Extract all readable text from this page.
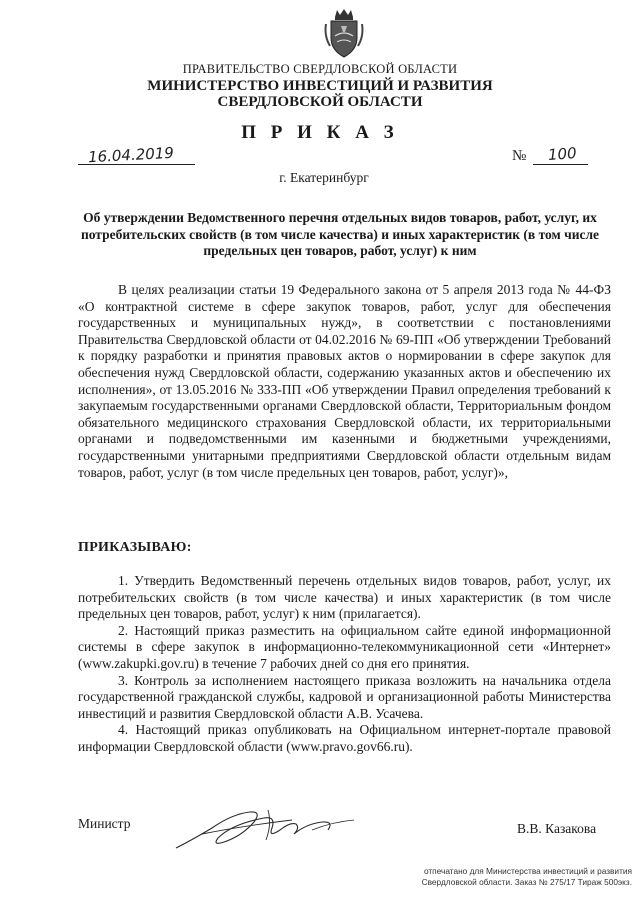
ПРАВИТЕЛЬСТВО СВЕРДЛОВСКОЙ ОБЛАСТИ
МИНИСТЕРСТВО ИНВЕСТИЦИЙ И РАЗВИТИЯ
СВЕРДЛОВСКОЙ ОБЛАСТИ
П Р И К А З
16.04.2019	№ 100
г. Екатеринбург
Об утверждении Ведомственного перечня отдельных видов товаров, работ, услуг, их потребительских свойств (в том числе качества) и иных характеристик (в том числе предельных цен товаров, работ, услуг) к ним

В целях реализации статьи 19 Федерального закона от 5 апреля 2013 года № 44-ФЗ «О контрактной системе в сфере закупок товаров, работ, услуг для обеспечения государственных и муниципальных нужд», в соответствии с постановлениями Правительства Свердловской области от 04.02.2016 № 69-ПП «Об утверждении Требований к порядку разработки и принятия правовых актов о нормировании в сфере закупок для обеспечения нужд Свердловской области, содержанию указанных актов и обеспечению их исполнения», от 13.05.2016 № 333-ПП «Об утверждении Правил определения требований к закупаемым государственными органами Свердловской области, Территориальным фондом обязательного медицинского страхования Свердловской области, их территориальными органами и подведомственными им казенными и бюджетными учреждениями, государственными унитарными предприятиями Свердловской области отдельным видам товаров, работ, услуг (в том числе предельных цен товаров, работ, услуг)»,

ПРИКАЗЫВАЮ:

1. Утвердить Ведомственный перечень отдельных видов товаров, работ, услуг, их потребительских свойств (в том числе качества) и иных характеристик (в том числе предельных цен товаров, работ, услуг) к ним (прилагается).

2. Настоящий приказ разместить на официальном сайте единой информационной системы в сфере закупок в информационно-телекоммуникационной сети «Интернет» (www.zakupki.gov.ru) в течение 7 рабочих дней со дня его принятия.

3. Контроль за исполнением настоящего приказа возложить на начальника отдела государственной гражданской службы, кадровой и организационной работы Министерства инвестиций и развития Свердловской области А.В. Усачева.

4. Настоящий приказ опубликовать на Официальном интернет-портале правовой информации Свердловской области (www.pravo.gov66.ru).

Министр	В.В. Казакова
отпечатано для Министерства инвестиций и развития
Свердловской области. Заказ № 275/17 Тираж 500экз.
